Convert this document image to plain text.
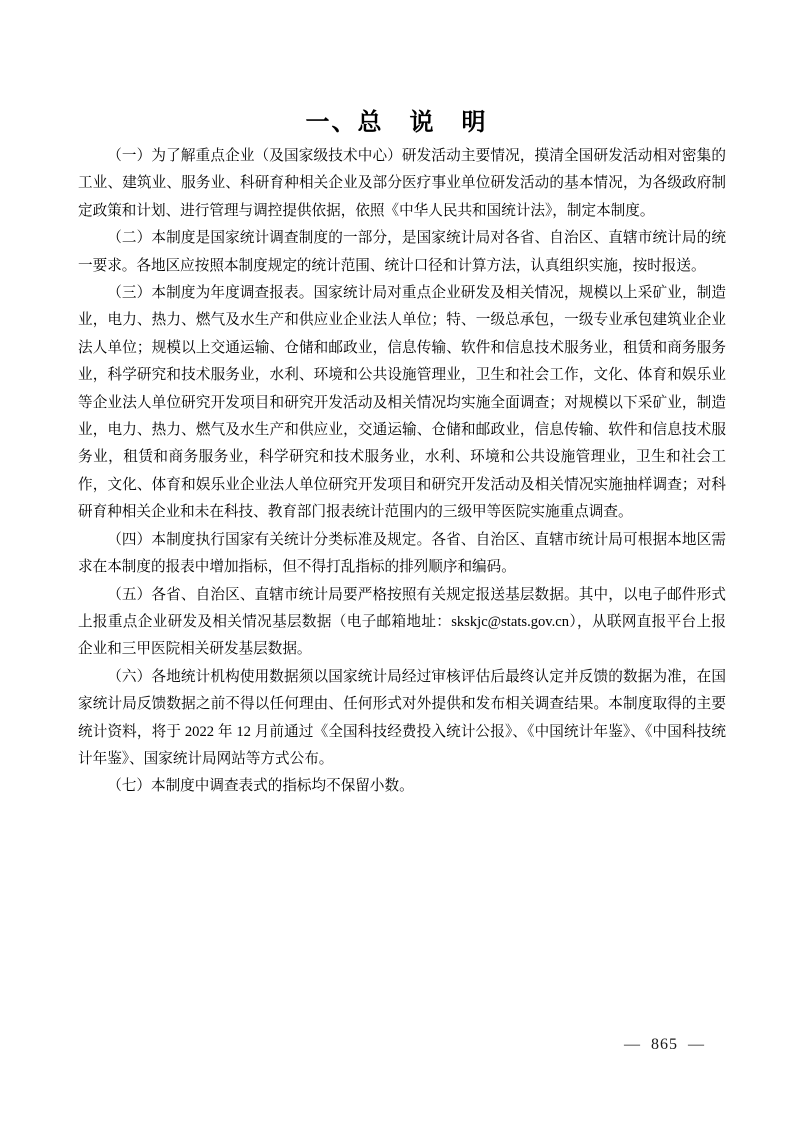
一、总　说　明

（一）为了解重点企业（及国家级技术中心）研发活动主要情况，摸清全国研发活动相对密集的工业、建筑业、服务业、科研育种相关企业及部分医疗事业单位研发活动的基本情况，为各级政府制定政策和计划、进行管理与调控提供依据，依照《中华人民共和国统计法》，制定本制度。

（二）本制度是国家统计调查制度的一部分，是国家统计局对各省、自治区、直辖市统计局的统一要求。各地区应按照本制度规定的统计范围、统计口径和计算方法，认真组织实施，按时报送。

（三）本制度为年度调查报表。国家统计局对重点企业研发及相关情况，规模以上采矿业，制造业，电力、热力、燃气及水生产和供应业企业法人单位；特、一级总承包，一级专业承包建筑业企业法人单位；规模以上交通运输、仓储和邮政业，信息传输、软件和信息技术服务业，租赁和商务服务业，科学研究和技术服务业，水利、环境和公共设施管理业，卫生和社会工作，文化、体育和娱乐业等企业法人单位研究开发项目和研究开发活动及相关情况均实施全面调查；对规模以下采矿业，制造业，电力、热力、燃气及水生产和供应业，交通运输、仓储和邮政业，信息传输、软件和信息技术服务业，租赁和商务服务业，科学研究和技术服务业，水利、环境和公共设施管理业，卫生和社会工作，文化、体育和娱乐业企业法人单位研究开发项目和研究开发活动及相关情况实施抽样调查；对科研育种相关企业和未在科技、教育部门报表统计范围内的三级甲等医院实施重点调查。

（四）本制度执行国家有关统计分类标准及规定。各省、自治区、直辖市统计局可根据本地区需求在本制度的报表中增加指标，但不得打乱指标的排列顺序和编码。

（五）各省、自治区、直辖市统计局要严格按照有关规定报送基层数据。其中，以电子邮件形式上报重点企业研发及相关情况基层数据（电子邮箱地址：skskjc@stats.gov.cn），从联网直报平台上报企业和三甲医院相关研发基层数据。

（六）各地统计机构使用数据须以国家统计局经过审核评估后最终认定并反馈的数据为准，在国家统计局反馈数据之前不得以任何理由、任何形式对外提供和发布相关调查结果。本制度取得的主要统计资料，将于 2022 年 12 月前通过《全国科技经费投入统计公报》、《中国统计年鉴》、《中国科技统计年鉴》、国家统计局网站等方式公布。

（七）本制度中调查表式的指标均不保留小数。

—  865  —
